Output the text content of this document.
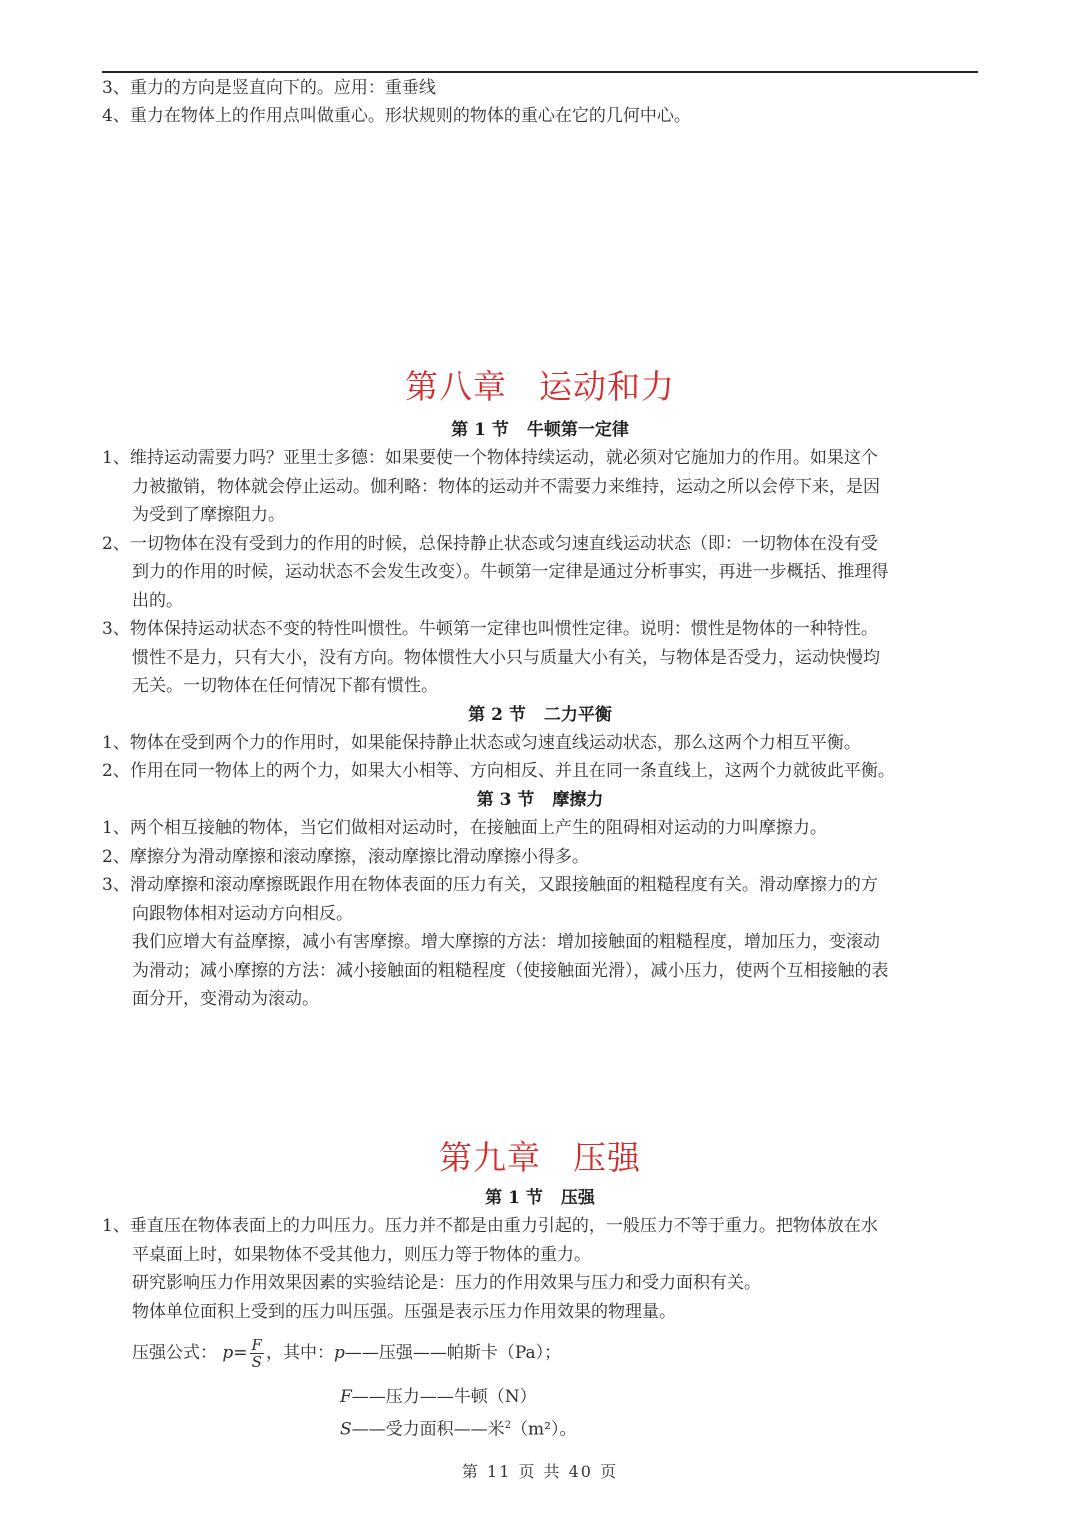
3、重力的方向是竖直向下的。应用：重垂线
4、重力在物体上的作用点叫做重心。形状规则的物体的重心在它的几何中心。
第八章 运动和力
第 1 节 牛顿第一定律
1、维持运动需要力吗？亚里士多德：如果要使一个物体持续运动，就必须对它施加力的作用。如果这个
力被撤销，物体就会停止运动。伽利略：物体的运动并不需要力来维持，运动之所以会停下来，是因
为受到了摩擦阻力。
2、一切物体在没有受到力的作用的时候，总保持静止状态或匀速直线运动状态（即：一切物体在没有受
到力的作用的时候，运动状态不会发生改变）。牛顿第一定律是通过分析事实，再进一步概括、推理得
出的。
3、物体保持运动状态不变的特性叫惯性。牛顿第一定律也叫惯性定律。说明：惯性是物体的一种特性。
惯性不是力，只有大小，没有方向。物体惯性大小只与质量大小有关，与物体是否受力，运动快慢均
无关。一切物体在任何情况下都有惯性。
第 2 节 二力平衡
1、物体在受到两个力的作用时，如果能保持静止状态或匀速直线运动状态，那么这两个力相互平衡。
2、作用在同一物体上的两个力，如果大小相等、方向相反、并且在同一条直线上，这两个力就彼此平衡。
第 3 节 摩擦力
1、两个相互接触的物体，当它们做相对运动时，在接触面上产生的阻碍相对运动的力叫摩擦力。
2、摩擦分为滑动摩擦和滚动摩擦，滚动摩擦比滑动摩擦小得多。
3、滑动摩擦和滚动摩擦既跟作用在物体表面的压力有关，又跟接触面的粗糙程度有关。滑动摩擦力的方
向跟物体相对运动方向相反。
我们应增大有益摩擦，减小有害摩擦。增大摩擦的方法：增加接触面的粗糙程度，增加压力，变滚动
为滑动；减小摩擦的方法：减小接触面的粗糙程度（使接触面光滑），减小压力，使两个互相接触的表
面分开，变滑动为滚动。
第九章 压强
第 1 节 压强
1、垂直压在物体表面上的力叫压力。压力并不都是由重力引起的，一般压力不等于重力。把物体放在水
平桌面上时，如果物体不受其他力，则压力等于物体的重力。
研究影响压力作用效果因素的实验结论是：压力的作用效果与压力和受力面积有关。
物体单位面积上受到的压力叫压强。压强是表示压力作用效果的物理量。
压强公式： $p= \frac{F}{S}$ ，其中：p——压强——帕斯卡（Pa）；
F——压力——牛顿（N）
S——受力面积——米$^2$（m²）。
第 11 页 共 40 页
